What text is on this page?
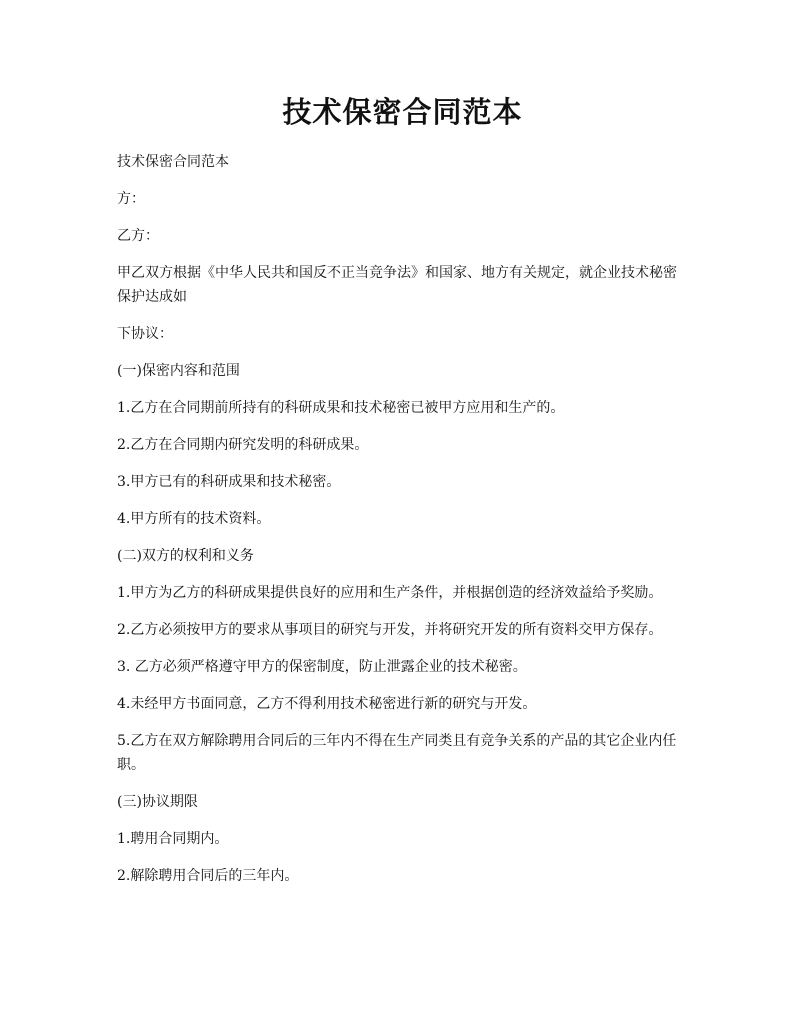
技术保密合同范本

技术保密合同范本

方：

乙方：

甲乙双方根据《中华人民共和国反不正当竞争法》和国家、地方有关规定，就企业技术秘密保护达成如

下协议：

(一)保密内容和范围

1.乙方在合同期前所持有的科研成果和技术秘密已被甲方应用和生产的。

2.乙方在合同期内研究发明的科研成果。

3.甲方已有的科研成果和技术秘密。

4.甲方所有的技术资料。

(二)双方的权利和义务

1.甲方为乙方的科研成果提供良好的应用和生产条件，并根据创造的经济效益给予奖励。

2.乙方必须按甲方的要求从事项目的研究与开发，并将研究开发的所有资料交甲方保存。

3. 乙方必须严格遵守甲方的保密制度，防止泄露企业的技术秘密。

4.未经甲方书面同意，乙方不得利用技术秘密进行新的研究与开发。

5.乙方在双方解除聘用合同后的三年内不得在生产同类且有竞争关系的产品的其它企业内任职。

(三)协议期限

1.聘用合同期内。

2.解除聘用合同后的三年内。
